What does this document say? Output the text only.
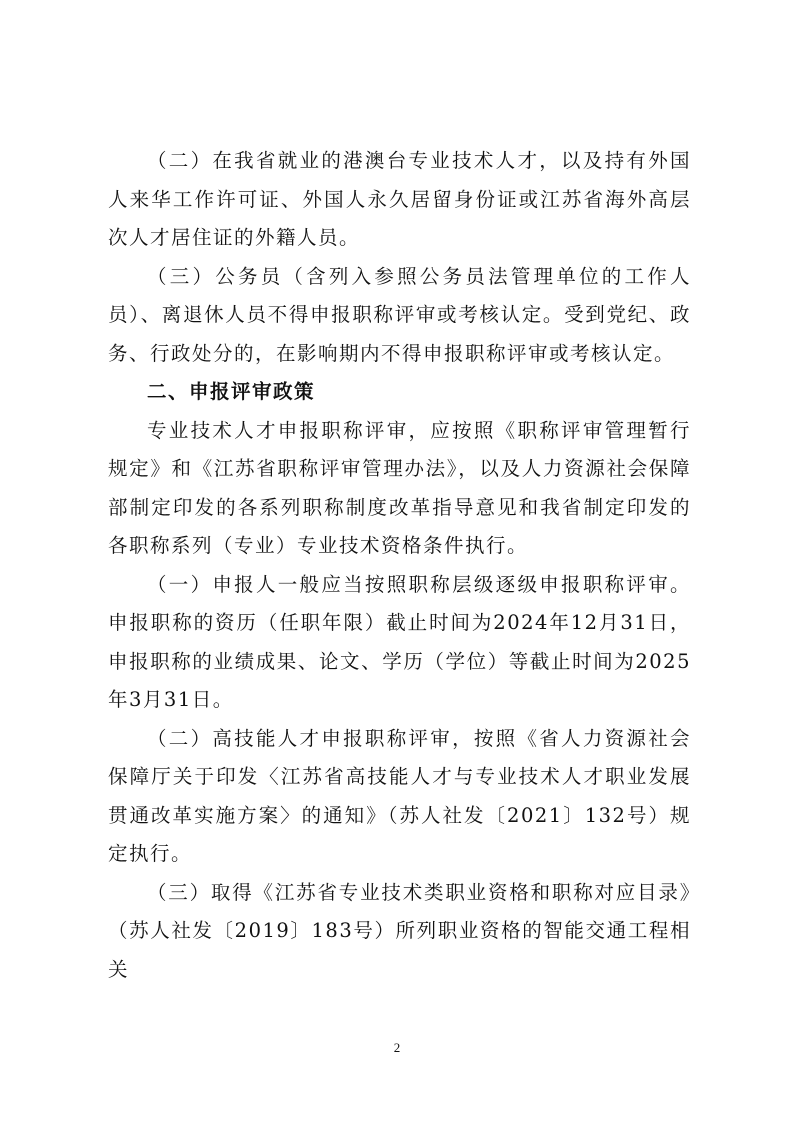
（二）在我省就业的港澳台专业技术人才，以及持有外国人来华工作许可证、外国人永久居留身份证或江苏省海外高层次人才居住证的外籍人员。

（三）公务员（含列入参照公务员法管理单位的工作人员）、离退休人员不得申报职称评审或考核认定。受到党纪、政务、行政处分的，在影响期内不得申报职称评审或考核认定。

二、申报评审政策

专业技术人才申报职称评审，应按照《职称评审管理暂行规定》和《江苏省职称评审管理办法》，以及人力资源社会保障部制定印发的各系列职称制度改革指导意见和我省制定印发的各职称系列（专业）专业技术资格条件执行。

（一）申报人一般应当按照职称层级逐级申报职称评审。申报职称的资历（任职年限）截止时间为2024年12月31日，申报职称的业绩成果、论文、学历（学位）等截止时间为2025年3月31日。

（二）高技能人才申报职称评审，按照《省人力资源社会保障厅关于印发〈江苏省高技能人才与专业技术人才职业发展贯通改革实施方案〉的通知》（苏人社发〔2021〕132号）规定执行。

（三）取得《江苏省专业技术类职业资格和职称对应目录》（苏人社发〔2019〕183号）所列职业资格的智能交通工程相关

2
